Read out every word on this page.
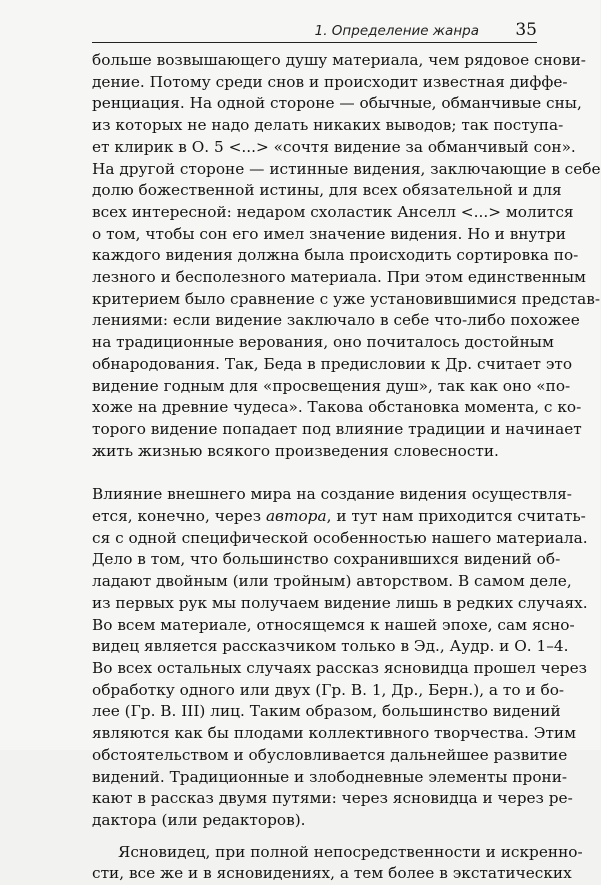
1. Определение жанра 35

больше возвышающего душу материала, чем рядовое снови-
дение. Потому среди снов и происходит известная диффе-
ренциация. На одной стороне — обычные, обманчивые сны,
из которых не надо делать никаких выводов; так поступа-
ет клирик в О. 5 <...> «сочтя видение за обманчивый сон».
На другой стороне — истинные видения, заключающие в себе
долю божественной истины, для всех обязательной и для
всех интересной: недаром схоластик Анселл <...> молится
о том, чтобы сон его имел значение видения. Но и внутри
каждого видения должна была происходить сортировка по-
лезного и бесполезного материала. При этом единственным
критерием было сравнение с уже установившимися представ-
лениями: если видение заключало в себе что-либо похожее
на традиционные верования, оно почиталось достойным
обнародования. Так, Беда в предисловии к Др. считает это
видение годным для «просвещения душ», так как оно «по-
хоже на древние чудеса». Такова обстановка момента, с ко-
торого видение попадает под влияние традиции и начинает
жить жизнью всякого произведения словесности.

Влияние внешнего мира на создание видения осуществля-
ется, конечно, через автора, и тут нам приходится считать-
ся с одной специфической особенностью нашего материала.
Дело в том, что большинство сохранившихся видений об-
ладают двойным (или тройным) авторством. В самом деле,
из первых рук мы получаем видение лишь в редких случаях.
Во всем материале, относящемся к нашей эпохе, сам ясно-
видец является рассказчиком только в Эд., Аудр. и О. 1–4.
Во всех остальных случаях рассказ ясновидца прошел через
обработку одного или двух (Гр. В. 1, Др., Берн.), а то и бо-
лее (Гр. В. III) лиц. Таким образом, большинство видений
являются как бы плодами коллективного творчества. Этим
обстоятельством и обусловливается дальнейшее развитие
видений. Традиционные и злободневные элементы прони-
кают в рассказ двумя путями: через ясновидца и через ре-
дактора (или редакторов).

Ясновидец, при полной непосредственности и искренно-
сти, все же и в ясновидениях, а тем более в экстатических
